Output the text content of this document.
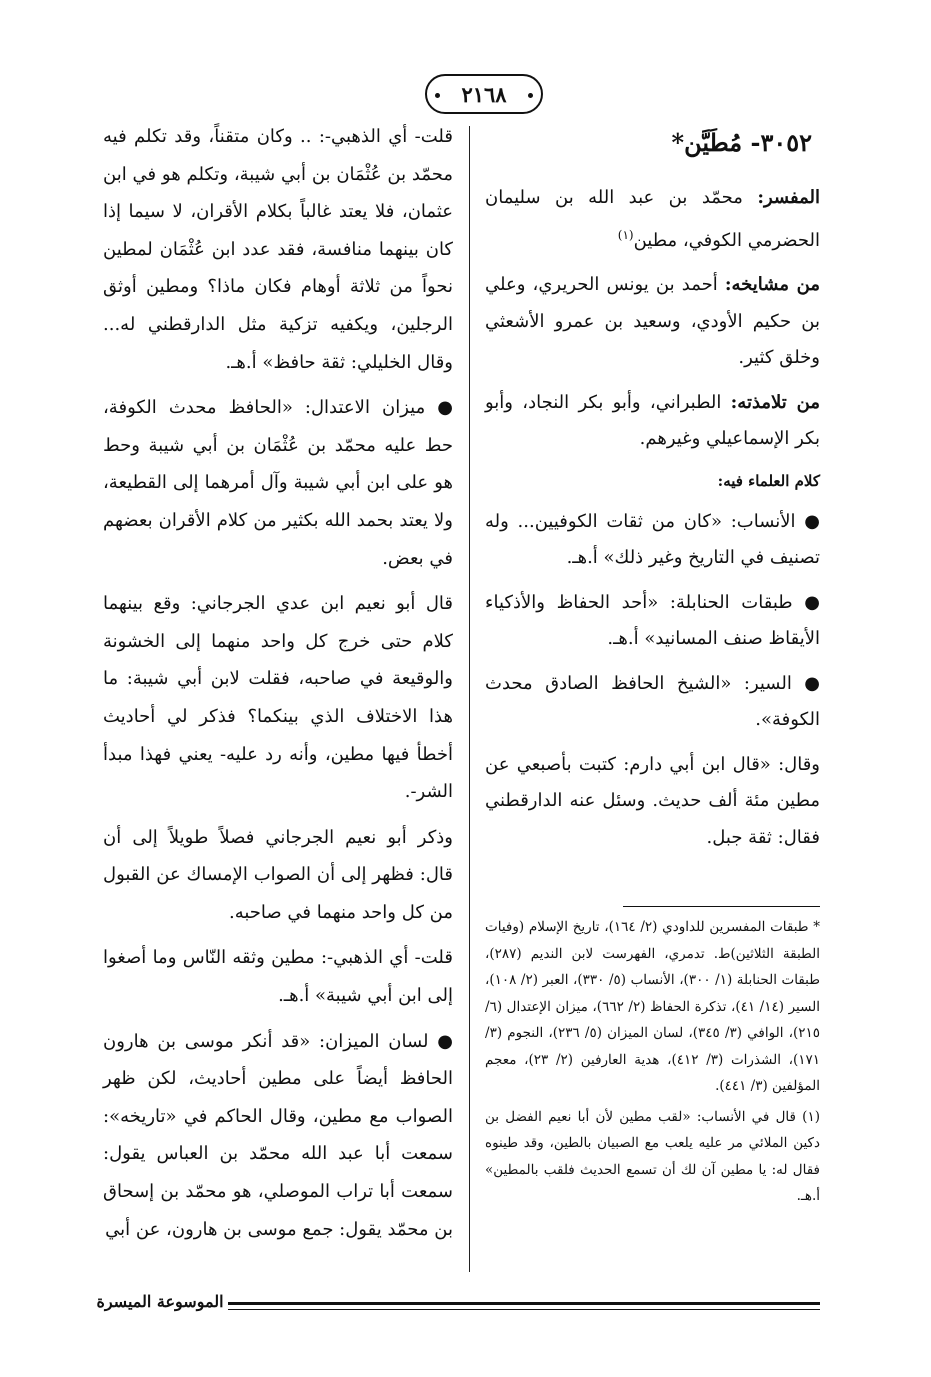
٢١٦٨
٣٠٥٢- مُطَيَّن*

المفسر: محمّد بن عبد الله بن سليمان الحضرمي الكوفي، مطين$^{(١)}$

من مشايخه: أحمد بن يونس الحريري، وعلي بن حكيم الأودي، وسعيد بن عمرو الأشعثي وخلق كثير.

من تلامذته: الطبراني، وأبو بكر النجاد، وأبو بكر الإسماعيلي وغيرهم.

كلام العلماء فيه:

● الأنساب: «كان من ثقات الكوفيين... وله تصنيف في التاريخ وغير ذلك» أ.هـ.

● طبقات الحنابلة: «أحد الحفاظ والأذكياء الأيقاظ صنف المسانيد» أ.هـ.

● السير: «الشيخ الحافظ الصادق محدث الكوفة».

وقال: «قال ابن أبي دارم: كتبت بأصبعي عن مطين مئة ألف حديث. وسئل عنه الدارقطني فقال: ثقة جبل.

* طبقات المفسرين للداودي (٢/ ١٦٤)، تاريخ الإسلام (وفيات الطبقة الثلاثين)ط. تدمري، الفهرست لابن النديم (٢٨٧)، طبقات الحنابلة (١/ ٣٠٠)، الأنساب (٥/ ٣٣٠)، العبر (٢/ ١٠٨)، السير (١٤/ ٤١)، تذكرة الحفاظ (٢/ ٦٦٢)، ميزان الإعتدال (٦/ ٢١٥)، الوافي (٣/ ٣٤٥)، لسان الميزان (٥/ ٢٣٦)، النجوم (٣/ ١٧١)، الشذرات (٣/ ٤١٢)، هدية العارفين (٢/ ٢٣)، معجم المؤلفين (٣/ ٤٤١).

(١) قال في الأنساب: «لقب مطين لأن أبا نعيم الفضل بن دكين الملائي مر عليه يلعب مع الصبيان بالطين، وقد طينوه فقال له: يا مطين آن لك أن تسمع الحديث فلقب بالمطين» أ.هـ.

قلت- أي الذهبي-: .. وكان متقناً، وقد تكلم فيه محمّد بن عُثْمَان بن أبي شيبة، وتكلم هو في ابن عثمان، فلا يعتد غالباً بكلام الأقران، لا سيما إذا كان بينهما منافسة، فقد عدد ابن عُثْمَان لمطين نحواً من ثلاثة أوهام فكان ماذا؟ ومطين أوثق الرجلين، ويكفيه تزكية مثل الدارقطني له... وقال الخليلي: ثقة حافظ» أ.هـ.

● ميزان الاعتدال: «الحافظ محدث الكوفة، حط عليه محمّد بن عُثْمَان بن أبي شيبة وحط هو على ابن أبي شيبة وآل أمرهما إلى القطيعة، ولا يعتد بحمد الله بكثير من كلام الأقران بعضهم في بعض.

قال أبو نعيم ابن عدي الجرجاني: وقع بينهما كلام حتى خرج كل واحد منهما إلى الخشونة والوقيعة في صاحبه، فقلت لابن أبي شيبة: ما هذا الاختلاف الذي بينكما؟ فذكر لي أحاديث أخطأ فيها مطين، وأنه رد عليه- يعني فهذا مبدأ الشر-.

وذكر أبو نعيم الجرجاني فصلاً طويلاً إلى أن قال: فظهر إلى أن الصواب الإمساك عن القبول من كل واحد منهما في صاحبه.

قلت- أي الذهبي-: مطين وثقه النّاس وما أصغوا إلى ابن أبي شيبة» أ.هـ.

● لسان الميزان: «قد أنكر موسى بن هارون الحافظ أيضاً على مطين أحاديث، لكن ظهر الصواب مع مطين، وقال الحاكم في «تاريخه»: سمعت أبا عبد الله محمّد بن العباس يقول: سمعت أبا تراب الموصلي، هو محمّد بن إسحاق بن محمّد يقول: جمع موسى بن هارون، عن أبي

الموسوعة الميسرة
